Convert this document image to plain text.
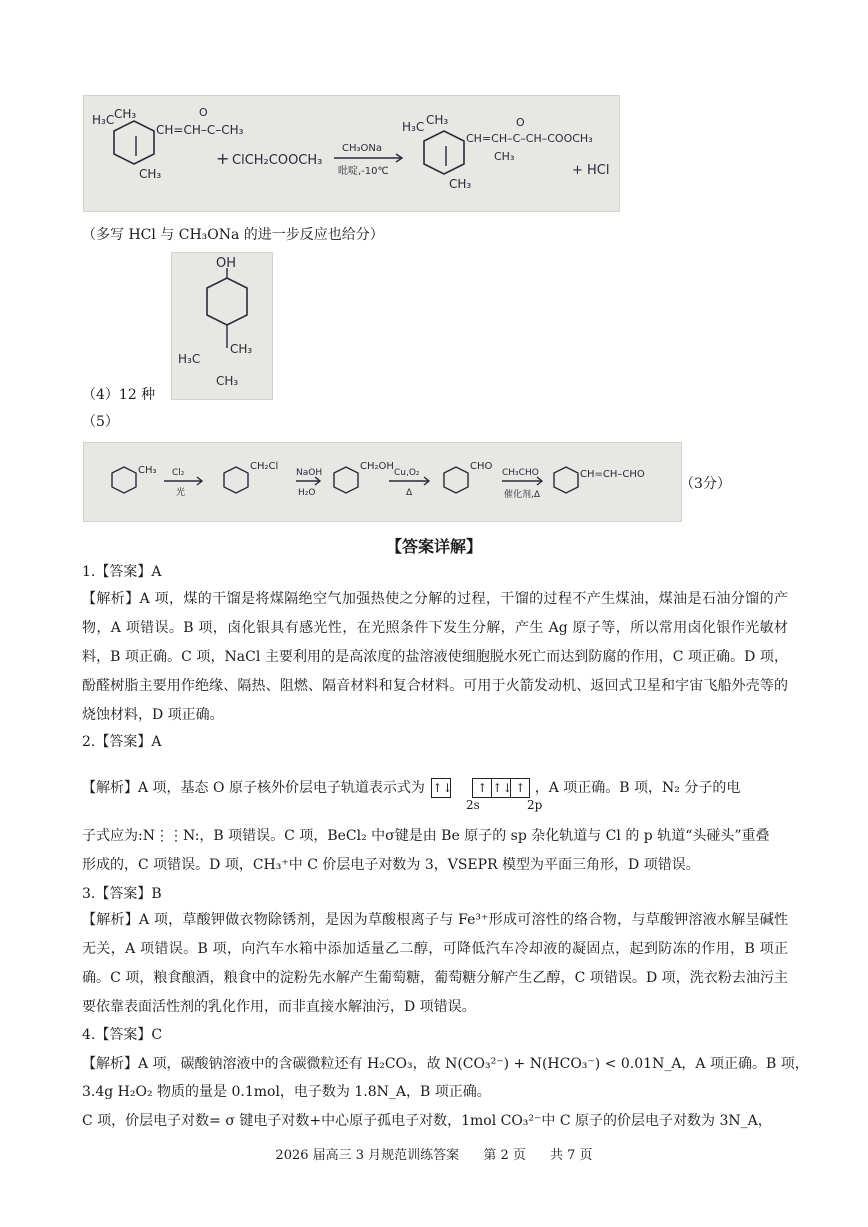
H₃C CH₃
CH=CH–C–CH₃
O
CH₃
+ ClCH₂COOCH₃
CH₃ONa
吡啶,-10℃
H₃C CH₃
CH=CH–C–CH–COOCH₃
O
CH₃
CH₃
+ HCl
（多写 HCl 与 CH₃ONa 的进一步反应也给分）
OH
H₃C
CH₃
CH₃
（4）12 种
（5）
CH₃	CH₂Cl	CH₂OH	CHO
CH=CH–CHO
Cl₂
光
NaOH
H₂O
Cu,O₂
Δ
CH₃CHO
催化剂,Δ
（3分）
【答案详解】
1.【答案】A
【解析】A 项，煤的干馏是将煤隔绝空气加强热使之分解的过程，干馏的过程不产生煤油，煤油是石油分馏的产物，A 项错误。B 项，卤化银具有感光性，在光照条件下发生分解，产生 Ag 原子等，所以常用卤化银作光敏材料，B 项正确。C 项，NaCl 主要利用的是高浓度的盐溶液使细胞脱水死亡而达到防腐的作用，C 项正确。D 项，酚醛树脂主要用作绝缘、隔热、阻燃、隔音材料和复合材料。可用于火箭发动机、返回式卫星和宇宙飞船外壳等的烧蚀材料，D 项正确。
2.【答案】A
【解析】A 项，基态 O 原子核外价层电子轨道表示式为 ↑↓ ↑ ↑↓ ↑ ，A 项正确。B 项，N₂ 分子的电
2s	2p
子式应为:N⋮⋮N:，B 项错误。C 项，BeCl₂ 中σ键是由 Be 原子的 sp 杂化轨道与 Cl 的 p 轨道“头碰头”重叠
形成的，C 项错误。D 项，CH₃⁺中 C 价层电子对数为 3，VSEPR 模型为平面三角形，D 项错误。
3.【答案】B
【解析】A 项，草酸钾做衣物除锈剂，是因为草酸根离子与 Fe³⁺形成可溶性的络合物，与草酸钾溶液水解呈碱性无关，A 项错误。B 项，向汽车水箱中添加适量乙二醇，可降低汽车冷却液的凝固点，起到防冻的作用，B 项正确。C 项，粮食酿酒，粮食中的淀粉先水解产生葡萄糖，葡萄糖分解产生乙醇，C 项错误。D 项，洗衣粉去油污主要依靠表面活性剂的乳化作用，而非直接水解油污，D 项错误。
4.【答案】C
【解析】A 项，碳酸钠溶液中的含碳微粒还有 H₂CO₃，故 N(CO₃²⁻) + N(HCO₃⁻) < 0.01N_A，A 项正确。B 项，
3.4g H₂O₂ 物质的量是 0.1mol，电子数为 1.8N_A，B 项正确。
C 项，价层电子对数= σ 键电子对数+中心原子孤电子对数，1mol CO₃²⁻中 C 原子的价层电子对数为 3N_A，
2026 届高三 3 月规范训练答案 第 2 页 共 7 页
